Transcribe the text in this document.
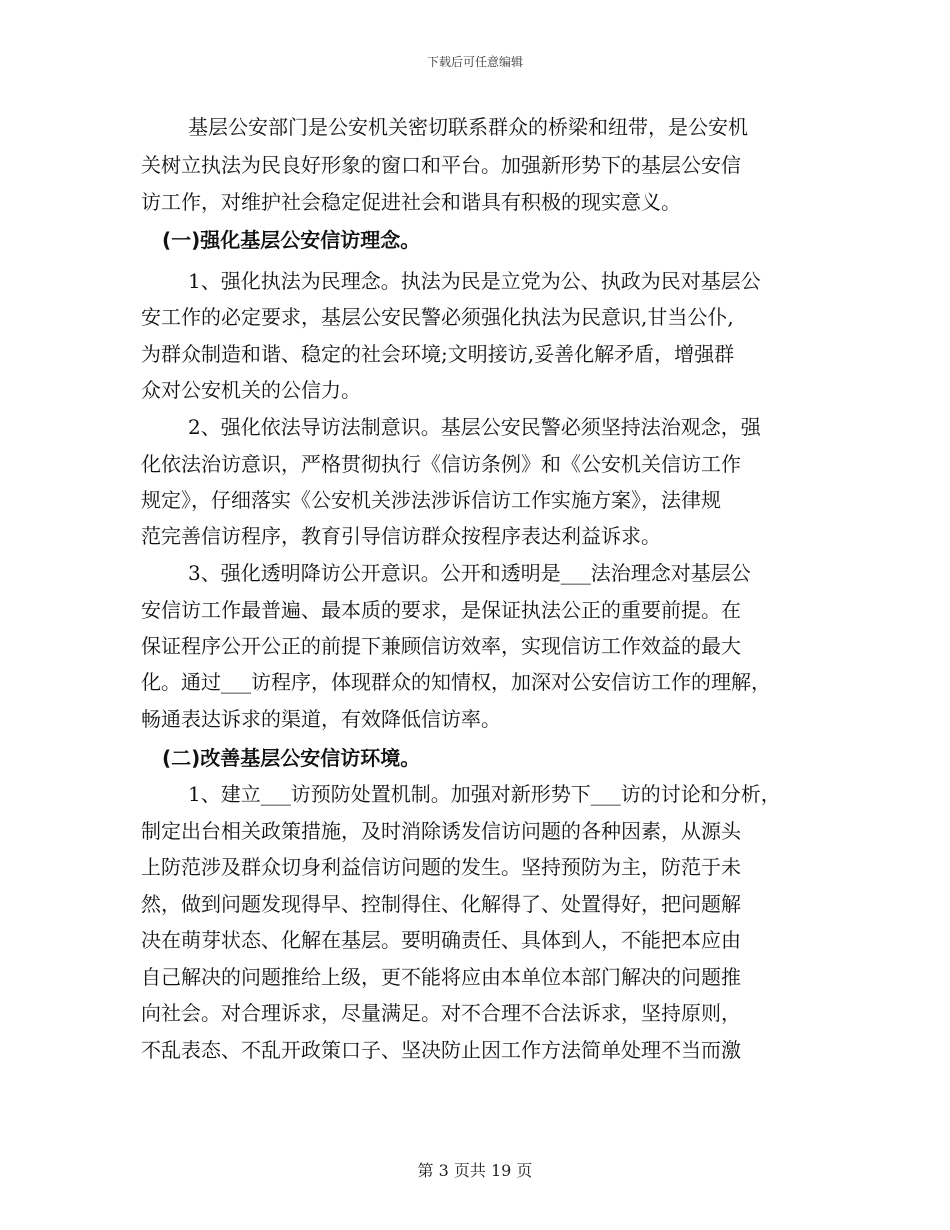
下载后可任意编辑
基层公安部门是公安机关密切联系群众的桥梁和纽带，是公安机
关树立执法为民良好形象的窗口和平台。加强新形势下的基层公安信
访工作，对维护社会稳定促进社会和谐具有积极的现实意义。
(一)强化基层公安信访理念。
1、强化执法为民理念。执法为民是立党为公、执政为民对基层公
安工作的必定要求，基层公安民警必须强化执法为民意识,甘当公仆,
为群众制造和谐、稳定的社会环境;文明接访,妥善化解矛盾，增强群
众对公安机关的公信力。
2、强化依法导访法制意识。基层公安民警必须坚持法治观念，强
化依法治访意识，严格贯彻执行《信访条例》和《公安机关信访工作
规定》，仔细落实《公安机关涉法涉诉信访工作实施方案》，法律规
范完善信访程序，教育引导信访群众按程序表达利益诉求。
3、强化透明降访公开意识。公开和透明是___法治理念对基层公
安信访工作最普遍、最本质的要求，是保证执法公正的重要前提。在
保证程序公开公正的前提下兼顾信访效率，实现信访工作效益的最大
化。通过___访程序，体现群众的知情权，加深对公安信访工作的理解，
畅通表达诉求的渠道，有效降低信访率。
(二)改善基层公安信访环境。
1、建立___访预防处置机制。加强对新形势下___访的讨论和分析，
制定出台相关政策措施，及时消除诱发信访问题的各种因素，从源头
上防范涉及群众切身利益信访问题的发生。坚持预防为主，防范于未
然，做到问题发现得早、控制得住、化解得了、处置得好，把问题解
决在萌芽状态、化解在基层。要明确责任、具体到人，不能把本应由
自己解决的问题推给上级，更不能将应由本单位本部门解决的问题推
向社会。对合理诉求，尽量满足。对不合理不合法诉求，坚持原则，
不乱表态、不乱开政策口子、坚决防止因工作方法简单处理不当而激
第 3 页共 19 页
